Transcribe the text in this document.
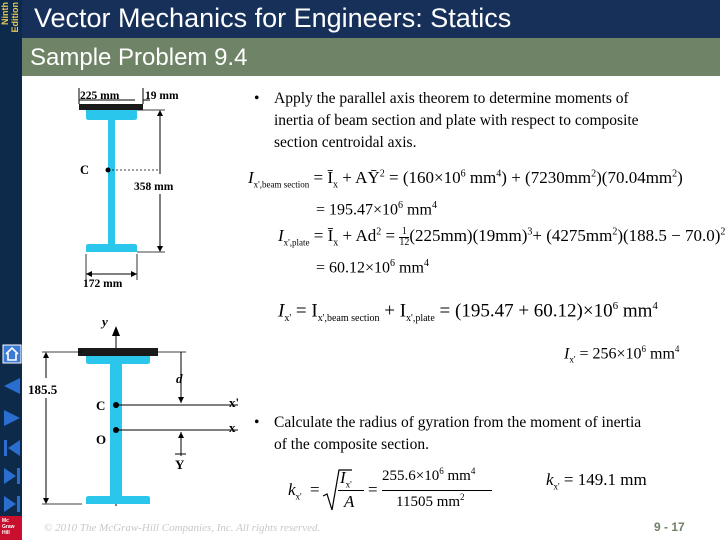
Ninth Edition Vector Mechanics for Engineers: Statics
Sample Problem 9.4
Mc
Graw
Hill
225 mm 19 mm
C
358 mm
172 mm
y
185.5
C
O
x'
x
d
Y
• Apply the parallel axis theorem to determine moments of
inertia of beam section and plate with respect to composite
section centroidal axis.
$I_{x',beam section}$ = $Ī_x$ + $AȲ^2 = (160\times 10^6$ $mm^4) + (7230mm^2)(70.04mm^2)$
= $195.47\times 10^6$ $mm^4$
$I_{x',plate}$ = $Ī_x + Ad^2 = \frac{1}{12} (225mm)(19mm)^3+ (4275mm^2)(188.5 - 70.0)^2$
= $60.12\times 10^6$ $mm^4$
$I_{x'} = I_{x',beam section} + I_{x',plate} = (195.47 + 60.12)\times 10^6$ $mm^4$
$I_{x'} = 256\times 10^6$ $mm^4$
• Calculate the radius of gyration from the moment of inertia
of the composite section.
$k_{x'}$ =
$I_{x'}$
A
=
$255.6\times 10^6$ $mm^4$
11505 $mm^2$
$k_{x'} = 149.1$ mm
© 2010 The McGraw-Hill Companies, Inc. All rights reserved.	9 - 17
